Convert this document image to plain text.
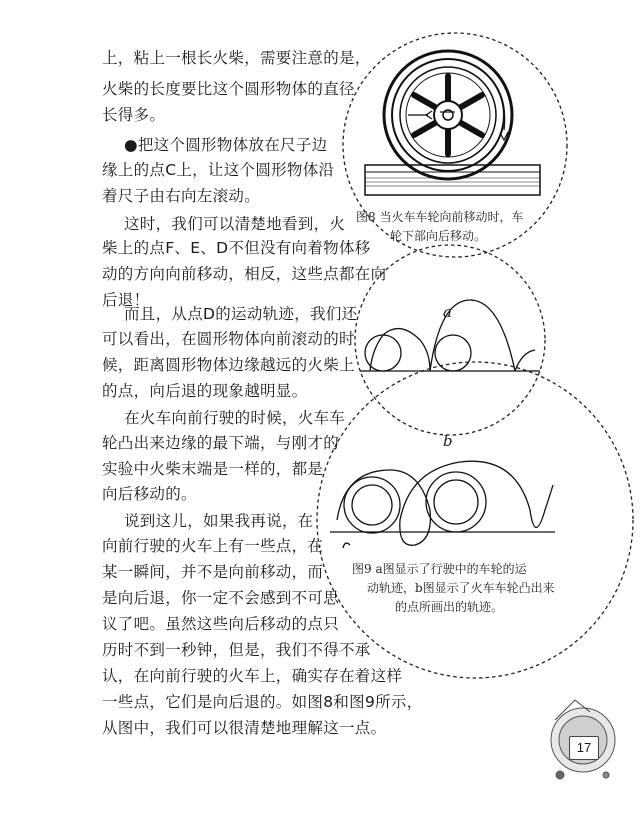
上，粘上一根长火柴，需要注意的是，
火柴的长度要比这个圆形物体的直径
长得多。
●把这个圆形物体放在尺子边
缘上的点C上，让这个圆形物体沿
着尺子由右向左滚动。
这时，我们可以清楚地看到，火
柴上的点F、E、D不但没有向着物体移
动的方向向前移动，相反，这些点都在向
后退！
而且，从点D的运动轨迹，我们还
可以看出，在圆形物体向前滚动的时
候，距离圆形物体边缘越远的火柴上
的点，向后退的现象越明显。
在火车向前行驶的时候，火车车
轮凸出来边缘的最下端，与刚才的
实验中火柴末端是一样的，都是
向后移动的。
说到这儿，如果我再说，在
向前行驶的火车上有一些点，在
某一瞬间，并不是向前移动，而
是向后退，你一定不会感到不可思
议了吧。虽然这些向后移动的点只
历时不到一秒钟，但是，我们不得不承
认，在向前行驶的火车上，确实存在着这样
一些点，它们是向后退的。如图8和图9所示，
从图中，我们可以很清楚地理解这一点。
图8 当火车车轮向前移动时，车
轮下部向后移动。
a
b
图9 a图显示了行驶中的车轮的运
动轨迹，b图显示了火车车轮凸出来
的点所画出的轨迹。
17
